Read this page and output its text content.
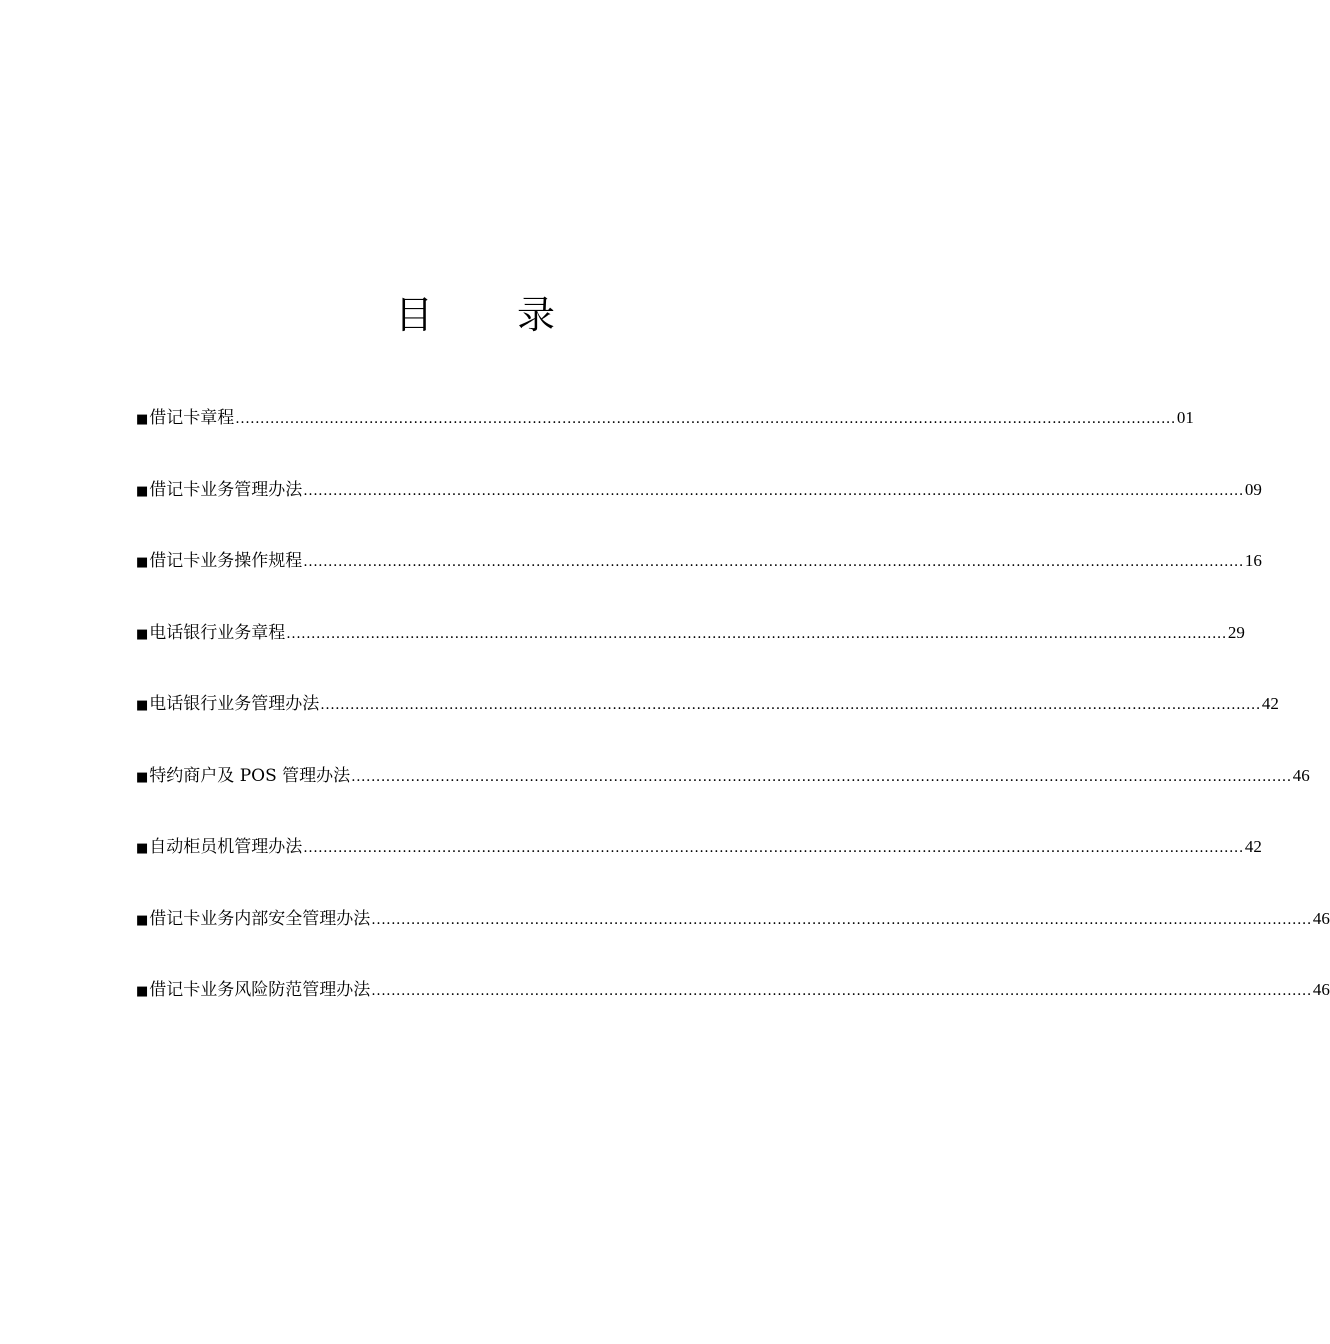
目 录
■ 借记卡章程 .............................................................................................................................................................................................. 01
■ 借记卡业务管理办法 .............................................................................................................................................................................................. 09
■ 借记卡业务操作规程 .............................................................................................................................................................................................. 16
■ 电话银行业务章程 .............................................................................................................................................................................................. 29
■ 电话银行业务管理办法 .............................................................................................................................................................................................. 42
■ 特约商户及 POS 管理办法 .............................................................................................................................................................................................. 46
■ 自动柜员机管理办法 .............................................................................................................................................................................................. 42
■ 借记卡业务内部安全管理办法 .............................................................................................................................................................................................. 46
■ 借记卡业务风险防范管理办法 .............................................................................................................................................................................................. 46
